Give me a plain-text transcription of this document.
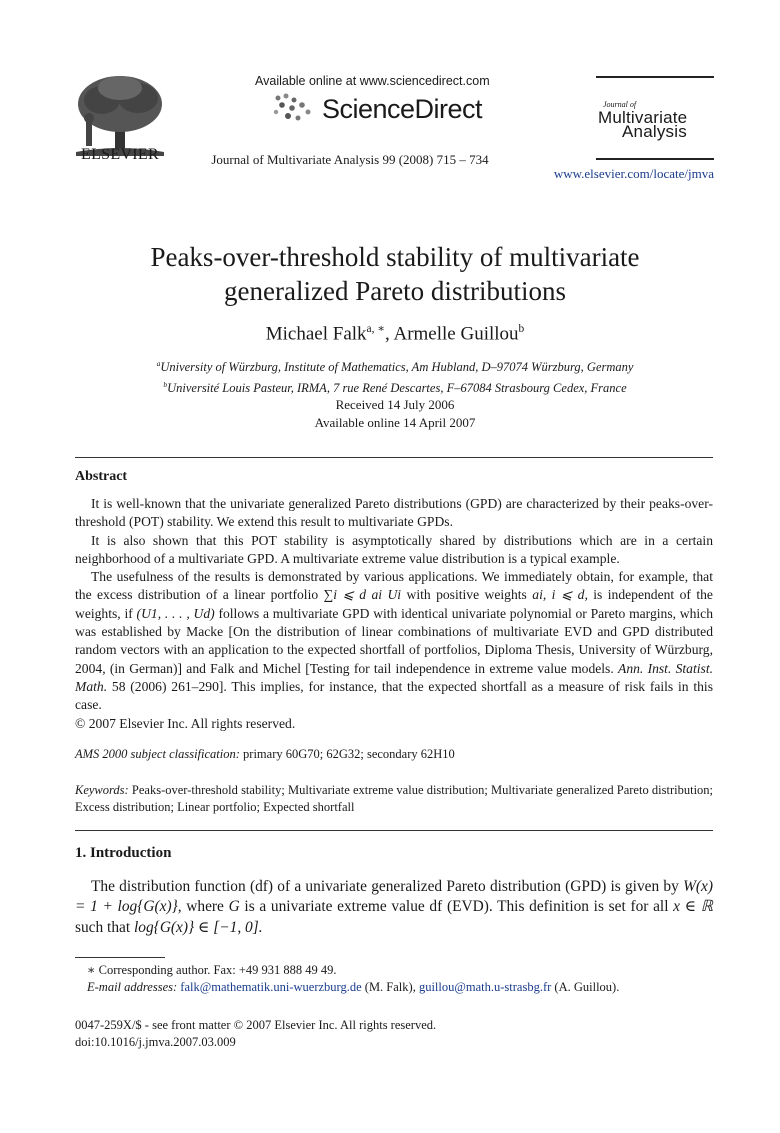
ELSEVIER
Available online at www.sciencedirect.com
ScienceDirect
Journal of Multivariate Analysis 99 (2008) 715 – 734
Journal of
Multivariate
Analysis
www.elsevier.com/locate/jmva
Peaks-over-threshold stability of multivariate
generalized Pareto distributions
Michael Falk$^{a, ∗}$, Armelle Guillou$^b$
$^a$University of Würzburg, Institute of Mathematics, Am Hubland, D–97074 Würzburg, Germany
$^b$Université Louis Pasteur, IRMA, 7 rue René Descartes, F–67084 Strasbourg Cedex, France
Received 14 July 2006
Available online 14 April 2007
Abstract

It is well-known that the univariate generalized Pareto distributions (GPD) are characterized by their peaks-over-threshold (POT) stability. We extend this result to multivariate GPDs.

It is also shown that this POT stability is asymptotically shared by distributions which are in a certain neighborhood of a multivariate GPD. A multivariate extreme value distribution is a typical example.

The usefulness of the results is demonstrated by various applications. We immediately obtain, for example, that the excess distribution of a linear portfolio ∑i ⩽ d ai Ui with positive weights ai, i ⩽ d, is independent of the weights, if (U1, . . . , Ud) follows a multivariate GPD with identical univariate polynomial or Pareto margins, which was established by Macke [On the distribution of linear combinations of multivariate EVD and GPD distributed random vectors with an application to the expected shortfall of portfolios, Diploma Thesis, University of Würzburg, 2004, (in German)] and Falk and Michel [Testing for tail independence in extreme value models. Ann. Inst. Statist. Math. 58 (2006) 261–290]. This implies, for instance, that the expected shortfall as a measure of risk fails in this case.

© 2007 Elsevier Inc. All rights reserved.

AMS 2000 subject classification: primary 60G70; 62G32; secondary 62H10
Keywords: Peaks-over-threshold stability; Multivariate extreme value distribution; Multivariate generalized Pareto distribution; Excess distribution; Linear portfolio; Expected shortfall
1. Introduction

The distribution function (df) of a univariate generalized Pareto distribution (GPD) is given by W(x) = 1 + log{G(x)}, where G is a univariate extreme value df (EVD). This definition is set for all x ∈ ℝ such that log{G(x)} ∈ [−1, 0].

∗ Corresponding author. Fax: +49 931 888 49 49.
E-mail addresses: falk@mathematik.uni-wuerzburg.de (M. Falk), guillou@math.u-strasbg.fr (A. Guillou).
0047-259X/$ - see front matter © 2007 Elsevier Inc. All rights reserved.
doi:10.1016/j.jmva.2007.03.009
